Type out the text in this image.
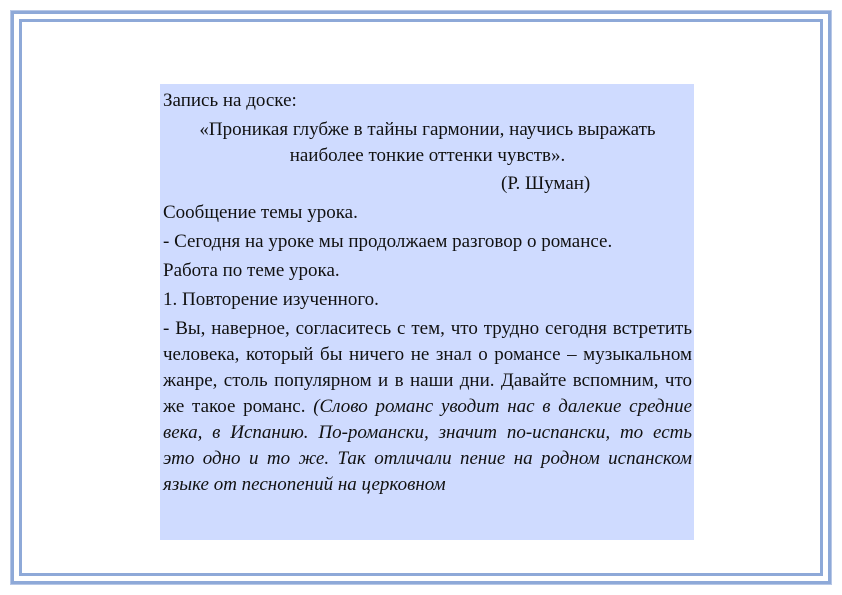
Запись на доске:

«Проникая глубже в тайны гармонии, научись выражать наиболее тонкие оттенки чувств».

(Р. Шуман)

Сообщение темы урока.

- Сегодня на уроке мы продолжаем разговор о романсе.

Работа по теме урока.

1. Повторение изученного.

- Вы, наверное, согласитесь с тем, что трудно сегодня встретить человека, который бы ничего не знал о романсе – музыкальном жанре, столь популярном и в наши дни. Давайте вспомним, что же такое романс. (Слово романс уводит нас в далекие средние века, в Испанию. По-романски, значит по-испански, то есть это одно и то же. Так отличали пение на родном испанском языке от песнопений на церковном
